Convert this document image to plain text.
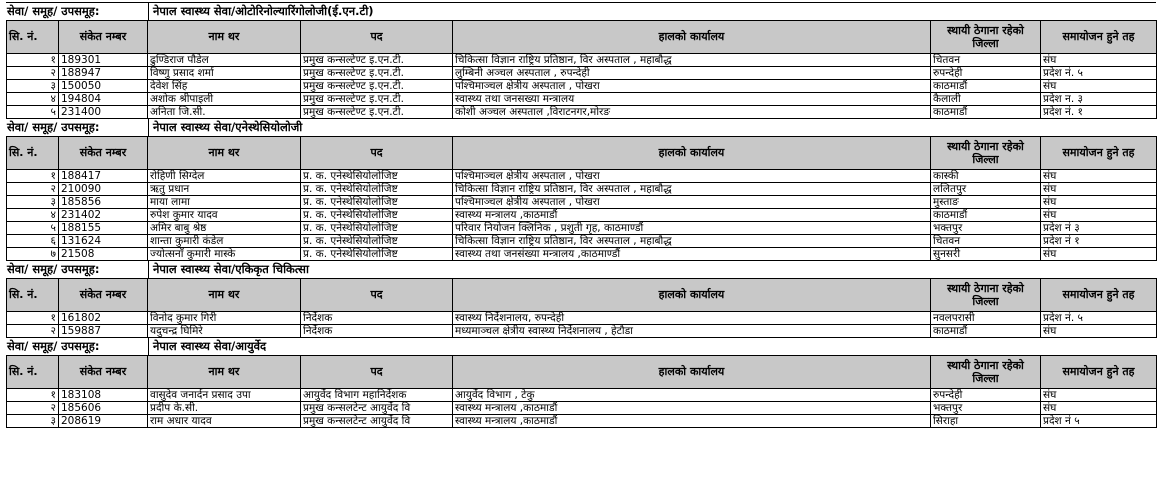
सेवा/ समूह/ उपसमूह:	नेपाल स्वास्थ्य सेवा/ओटोरिनोल्यारिंगोलोजी(ई.एन.टी)
सि. नं.	संकेत नम्बर	नाम थर	पद	हालको कार्यालय	स्थायी ठेगाना रहेको जिल्ला	समायोजन हुने तह
१	189301	ढुण्डिराज पौडेल	प्रमुख कन्सल्टेण्ट इ.एन.टी.	चिकित्सा विज्ञान राष्ट्रिय प्रतिष्ठान, विर अस्पताल , महाबौद्ध	चितवन	संघ
२	188947	विष्णु प्रसाद शर्मा	प्रमुख कन्सल्टेण्ट इ.एन.टी.	लुम्बिनी अञ्चल अस्पताल , रुपन्देही	रुपन्देही	प्रदेश नं. ५
३	150050	देवेश सिंह	प्रमुख कन्सल्टेण्ट इ.एन.टी.	पश्चिमाञ्चल क्षेत्रीय अस्पताल , पोखरा	काठमाडौं	संघ
४	194804	अशोक श्रीपाइली	प्रमुख कन्सल्टेण्ट इ.एन.टी.	स्वास्थ्य तथा जनसख्या मन्त्रालय	कैलाली	प्रदेश न. ३
५	231400	अनिता जि.सी.	प्रमुख कन्सल्टेण्ट इ.एन.टी.	कोशी अञ्चल अस्पताल ,विराटनगर,मोरङ	काठमाडौं	प्रदेश नं. १
सेवा/ समूह/ उपसमूह:	नेपाल स्वास्थ्य सेवा/एनेस्थेसियोलोजी
सि. नं.	संकेत नम्बर	नाम थर	पद	हालको कार्यालय	स्थायी ठेगाना रहेको जिल्ला	समायोजन हुने तह
१	188417	रोहिणी सिग्देल	प्र. क. एनेस्थेसियोलोजिष्ट	पश्चिमाञ्चल क्षेत्रीय अस्पताल , पोखरा	कास्की	संघ
२	210090	ऋतु प्रधान	प्र. क. एनेस्थेसियोलोजिष्ट	चिकित्सा विज्ञान राष्ट्रिय प्रतिष्ठान, विर अस्पताल , महाबौद्ध	ललितपुर	संघ
३	185856	माया लामा	प्र. क. एनेस्थेसियोलोजिष्ट	पश्चिमाञ्चल क्षेत्रीय अस्पताल , पोखरा	मुस्ताङ	संघ
४	231402	रुपेश कुमार यादव	प्र. क. एनेस्थेसियोलोजिष्ट	स्वास्थ्य मन्त्रालय ,काठमाडौं	काठमाडौं	संघ
५	188155	अमिर बाबु श्रेष्ठ	प्र. क. एनेस्थेसियोलोजिष्ट	परिवार नियोजन क्लिनिक , प्रशुती गृह, काठमाण्डौं	भक्तपुर	प्रदेश नं ३
६	131624	शान्ता कुमारी कंडेल	प्र. क. एनेस्थेसियोलोजिष्ट	चिकित्सा विज्ञान राष्ट्रिय प्रतिष्ठान, विर अस्पताल , महाबौद्ध	चितवन	प्रदेश नं १
७	21508	ज्योत्सनाँ कुमारी मास्के	प्र. क. एनेस्थेसियोलोजिष्ट	स्वास्थ्य तथा जनसंख्या मन्त्रालय ,काठमाण्डौं	सुनसरी	संघ
सेवा/ समूह/ उपसमूह:	नेपाल स्वास्थ्य सेवा/एकिकृत चिकित्सा
सि. नं.	संकेत नम्बर	नाम थर	पद	हालको कार्यालय	स्थायी ठेगाना रहेको जिल्ला	समायोजन हुने तह
१	161802	विनोद कुमार गिरी	निर्देशक	स्वास्थ्य निर्देशनालय, रुपन्देही	नवलपरासी	प्रदेश नं. ५
२	159887	यदुचन्द्र घिमिरे	निर्देशक	मध्यमाञ्चल क्षेत्रीय स्वास्थ्य निर्देशनालय , हेटौडा	काठमाडौं	संघ
सेवा/ समूह/ उपसमूह:	नेपाल स्वास्थ्य सेवा/आयुर्वेद
सि. नं.	संकेत नम्बर	नाम थर	पद	हालको कार्यालय	स्थायी ठेगाना रहेको जिल्ला	समायोजन हुने तह
१	183108	वासुदेव जनार्दन प्रसाद उपा	आयुर्वेद विभाग महानिर्देशक	आयुर्वेद विभाग , टेकु	रुपन्देही	संघ
२	185606	प्रदीप के.सी.	प्रमुख कन्सलटेन्ट आयुर्वेद वि	स्वास्थ्य मन्त्रालय ,काठमाडौं	भक्तपुर	संघ
३	208619	राम अधार यादव	प्रमुख कन्सलटेन्ट आयुर्वेद वि	स्वास्थ्य मन्त्रालय ,काठमाडौं	सिराहा	प्रदेश नं ५
